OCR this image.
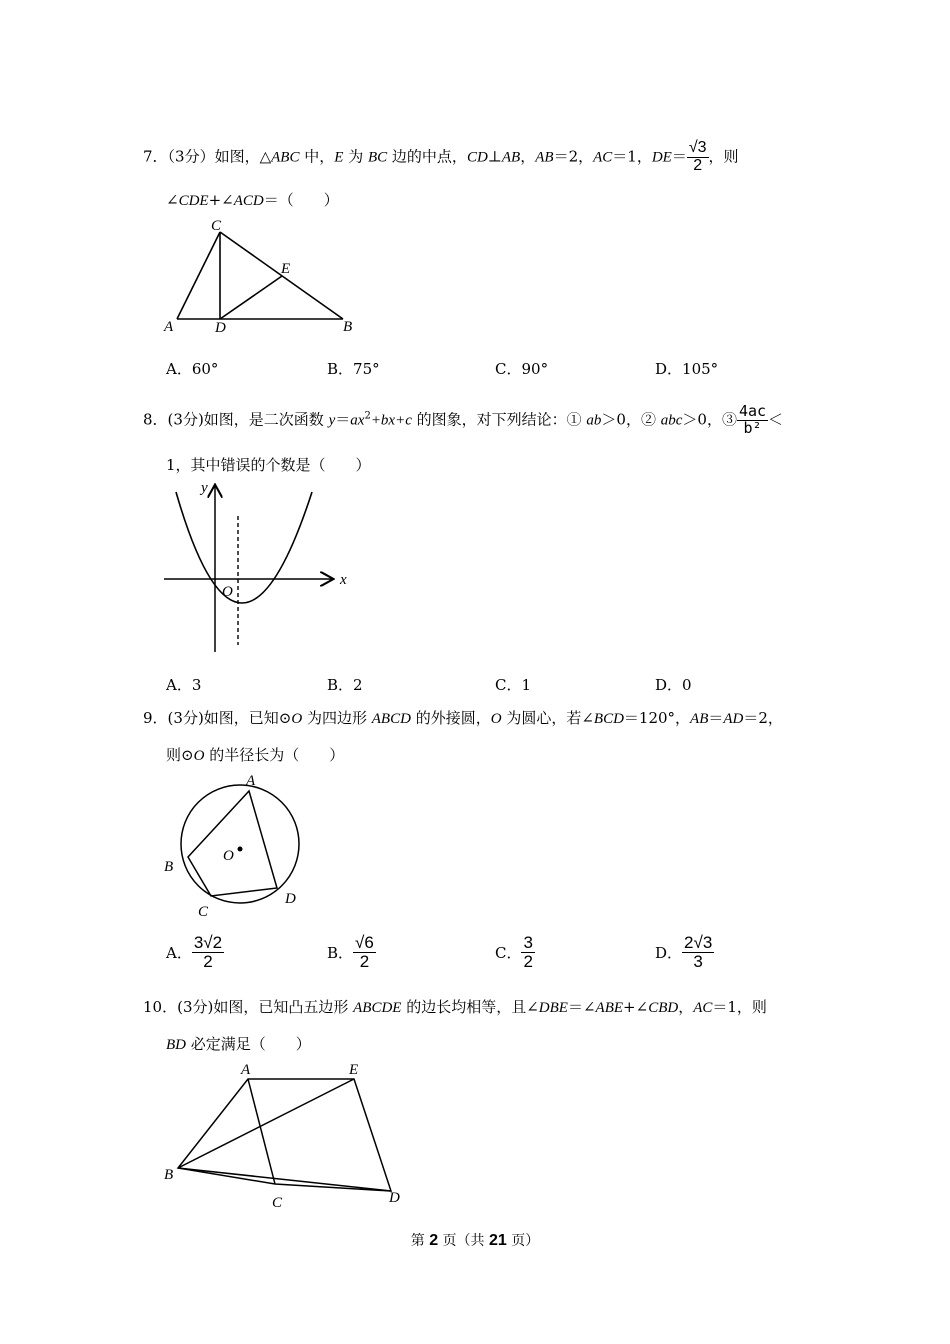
7．（3分）如图，△ABC 中，E 为 BC 边的中点，CD⊥AB，AB＝2，AC＝1，$DE= \frac{√3}{2}$ ，则
∠CDE+∠ACD＝（　　）
C
E
A	D	B
A．60°	B．75°	C．90°	D．105°
8．(3分)如图，是二次函数 $y=ax^2+bx+c$ 的图象，对下列结论：① ab＞0，② abc＞0，③ $\frac{4ac}{\text{b²}}$ ＜
1，其中错误的个数是（　　）
y
x
O
A．3	B．2	C．1	D．0
9．(3分)如图，已知⊙O 为四边形 ABCD 的外接圆，O 为圆心，若∠BCD＝120°，AB＝AD＝2，
则⊙O 的半径长为（　　）
A
O
B
C
D
A． $\frac{3√2}{2}$	B． $\frac{√6}{2}$	C． $\frac{3}{2}$	D． $\frac{2√3}{3}$
10．(3分)如图，已知凸五边形 ABCDE 的边长均相等，且∠DBE＝∠ABE+∠CBD，AC＝1，则
BD 必定满足（　　）
A	E
B
C	D
第 2 页（共 21 页）
